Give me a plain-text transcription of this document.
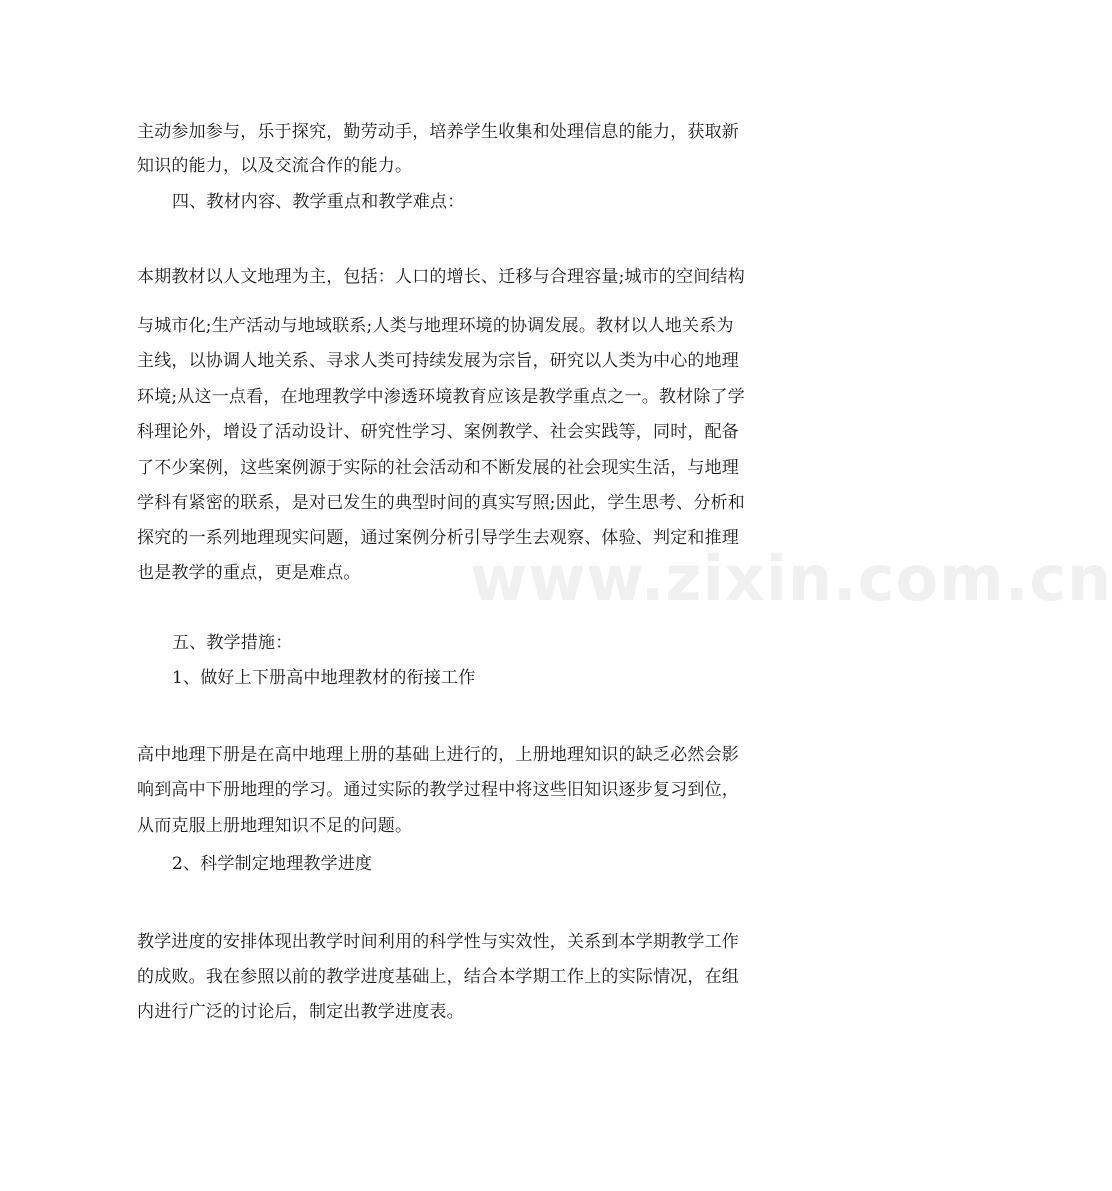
www.zixin.com.cn
主动参加参与，乐于探究，勤劳动手，培养学生收集和处理信息的能力，获取新
知识的能力，以及交流合作的能力。
四、教材内容、教学重点和教学难点：
本期教材以人文地理为主，包括：人口的增长、迁移与合理容量;城市的空间结构
与城市化;生产活动与地域联系;人类与地理环境的协调发展。教材以人地关系为
主线，以协调人地关系、寻求人类可持续发展为宗旨，研究以人类为中心的地理
环境;从这一点看，在地理教学中渗透环境教育应该是教学重点之一。教材除了学
科理论外，增设了活动设计、研究性学习、案例教学、社会实践等，同时，配备
了不少案例，这些案例源于实际的社会活动和不断发展的社会现实生活，与地理
学科有紧密的联系，是对已发生的典型时间的真实写照;因此，学生思考、分析和
探究的一系列地理现实问题，通过案例分析引导学生去观察、体验、判定和推理
也是教学的重点，更是难点。
五、教学措施：
1、做好上下册高中地理教材的衔接工作
高中地理下册是在高中地理上册的基础上进行的，上册地理知识的缺乏必然会影
响到高中下册地理的学习。通过实际的教学过程中将这些旧知识逐步复习到位，
从而克服上册地理知识不足的问题。
2、科学制定地理教学进度
教学进度的安排体现出教学时间利用的科学性与实效性，关系到本学期教学工作
的成败。我在参照以前的教学进度基础上，结合本学期工作上的实际情况，在组
内进行广泛的讨论后，制定出教学进度表。
